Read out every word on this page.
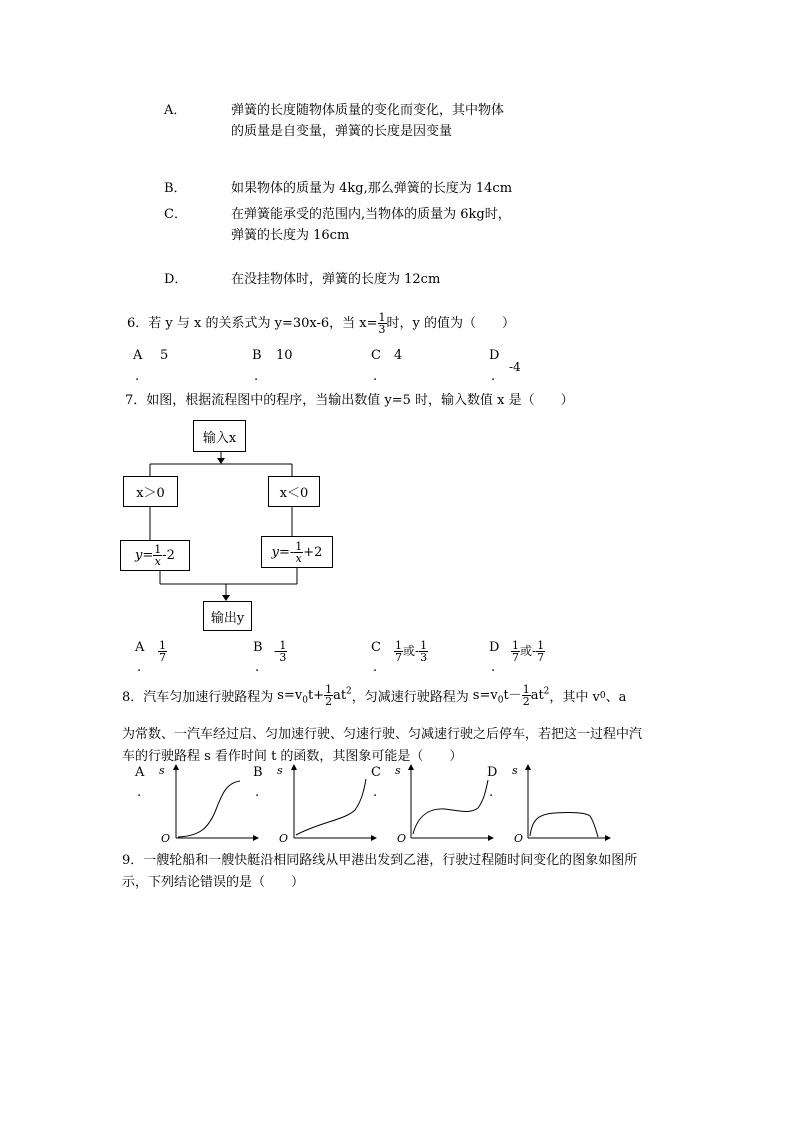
A．	弹簧的长度随物体质量的变化而变化，其中物体
的质量是自变量，弹簧的长度是因变量
B．	如果物体的质量为 4kg,那么弹簧的长度为 14cm
C．	在弹簧能承受的范围内,当物体的质量为 6kg时，
弹簧的长度为 16cm
D．	在没挂物体时，弹簧的长度为 12cm
6．若 y 与 x 的关系式为 y=30x-6，当 $x= \frac{1}{3}$ 时，y 的值为（　　）
A 5
.
B 10
.
C 4
.
D
-4
.
7．如图，根据流程图中的程序，当输出数值 y=5 时，输入数值 x 是（　　）
输入x
x＞0	x＜0
$y= \frac{1}{x} -2$	$y=- \frac{1}{x} +2$
输出y
A
.
$\frac{1}{7}$	B
.
- $\frac{1}{3}$	C
.
$\frac{1}{7}$ 或- $\frac{1}{3}$	D
.
$\frac{1}{7}$ 或- $\frac{1}{7}$
8．汽车匀加速行驶路程为 $s=v_0t+ \frac{1}{2} at^2$ ，匀减速行驶路程为 $s=v_0t- \frac{1}{2} at^2$ ，其中 v 0 、a
为常数、一汽车经过启、匀加速行驶、匀速行驶、匀减速行驶之后停车，若把这一过程中汽
车的行驶路程 s 看作时间 t 的函数，其图象可能是（　　）
A
.
B
.
C
.
D
.
s
O
s
O
s
O
s
O
9．一艘轮船和一艘快艇沿相同路线从甲港出发到乙港，行驶过程随时间变化的图象如图所
示，下列结论错误的是（　　）
